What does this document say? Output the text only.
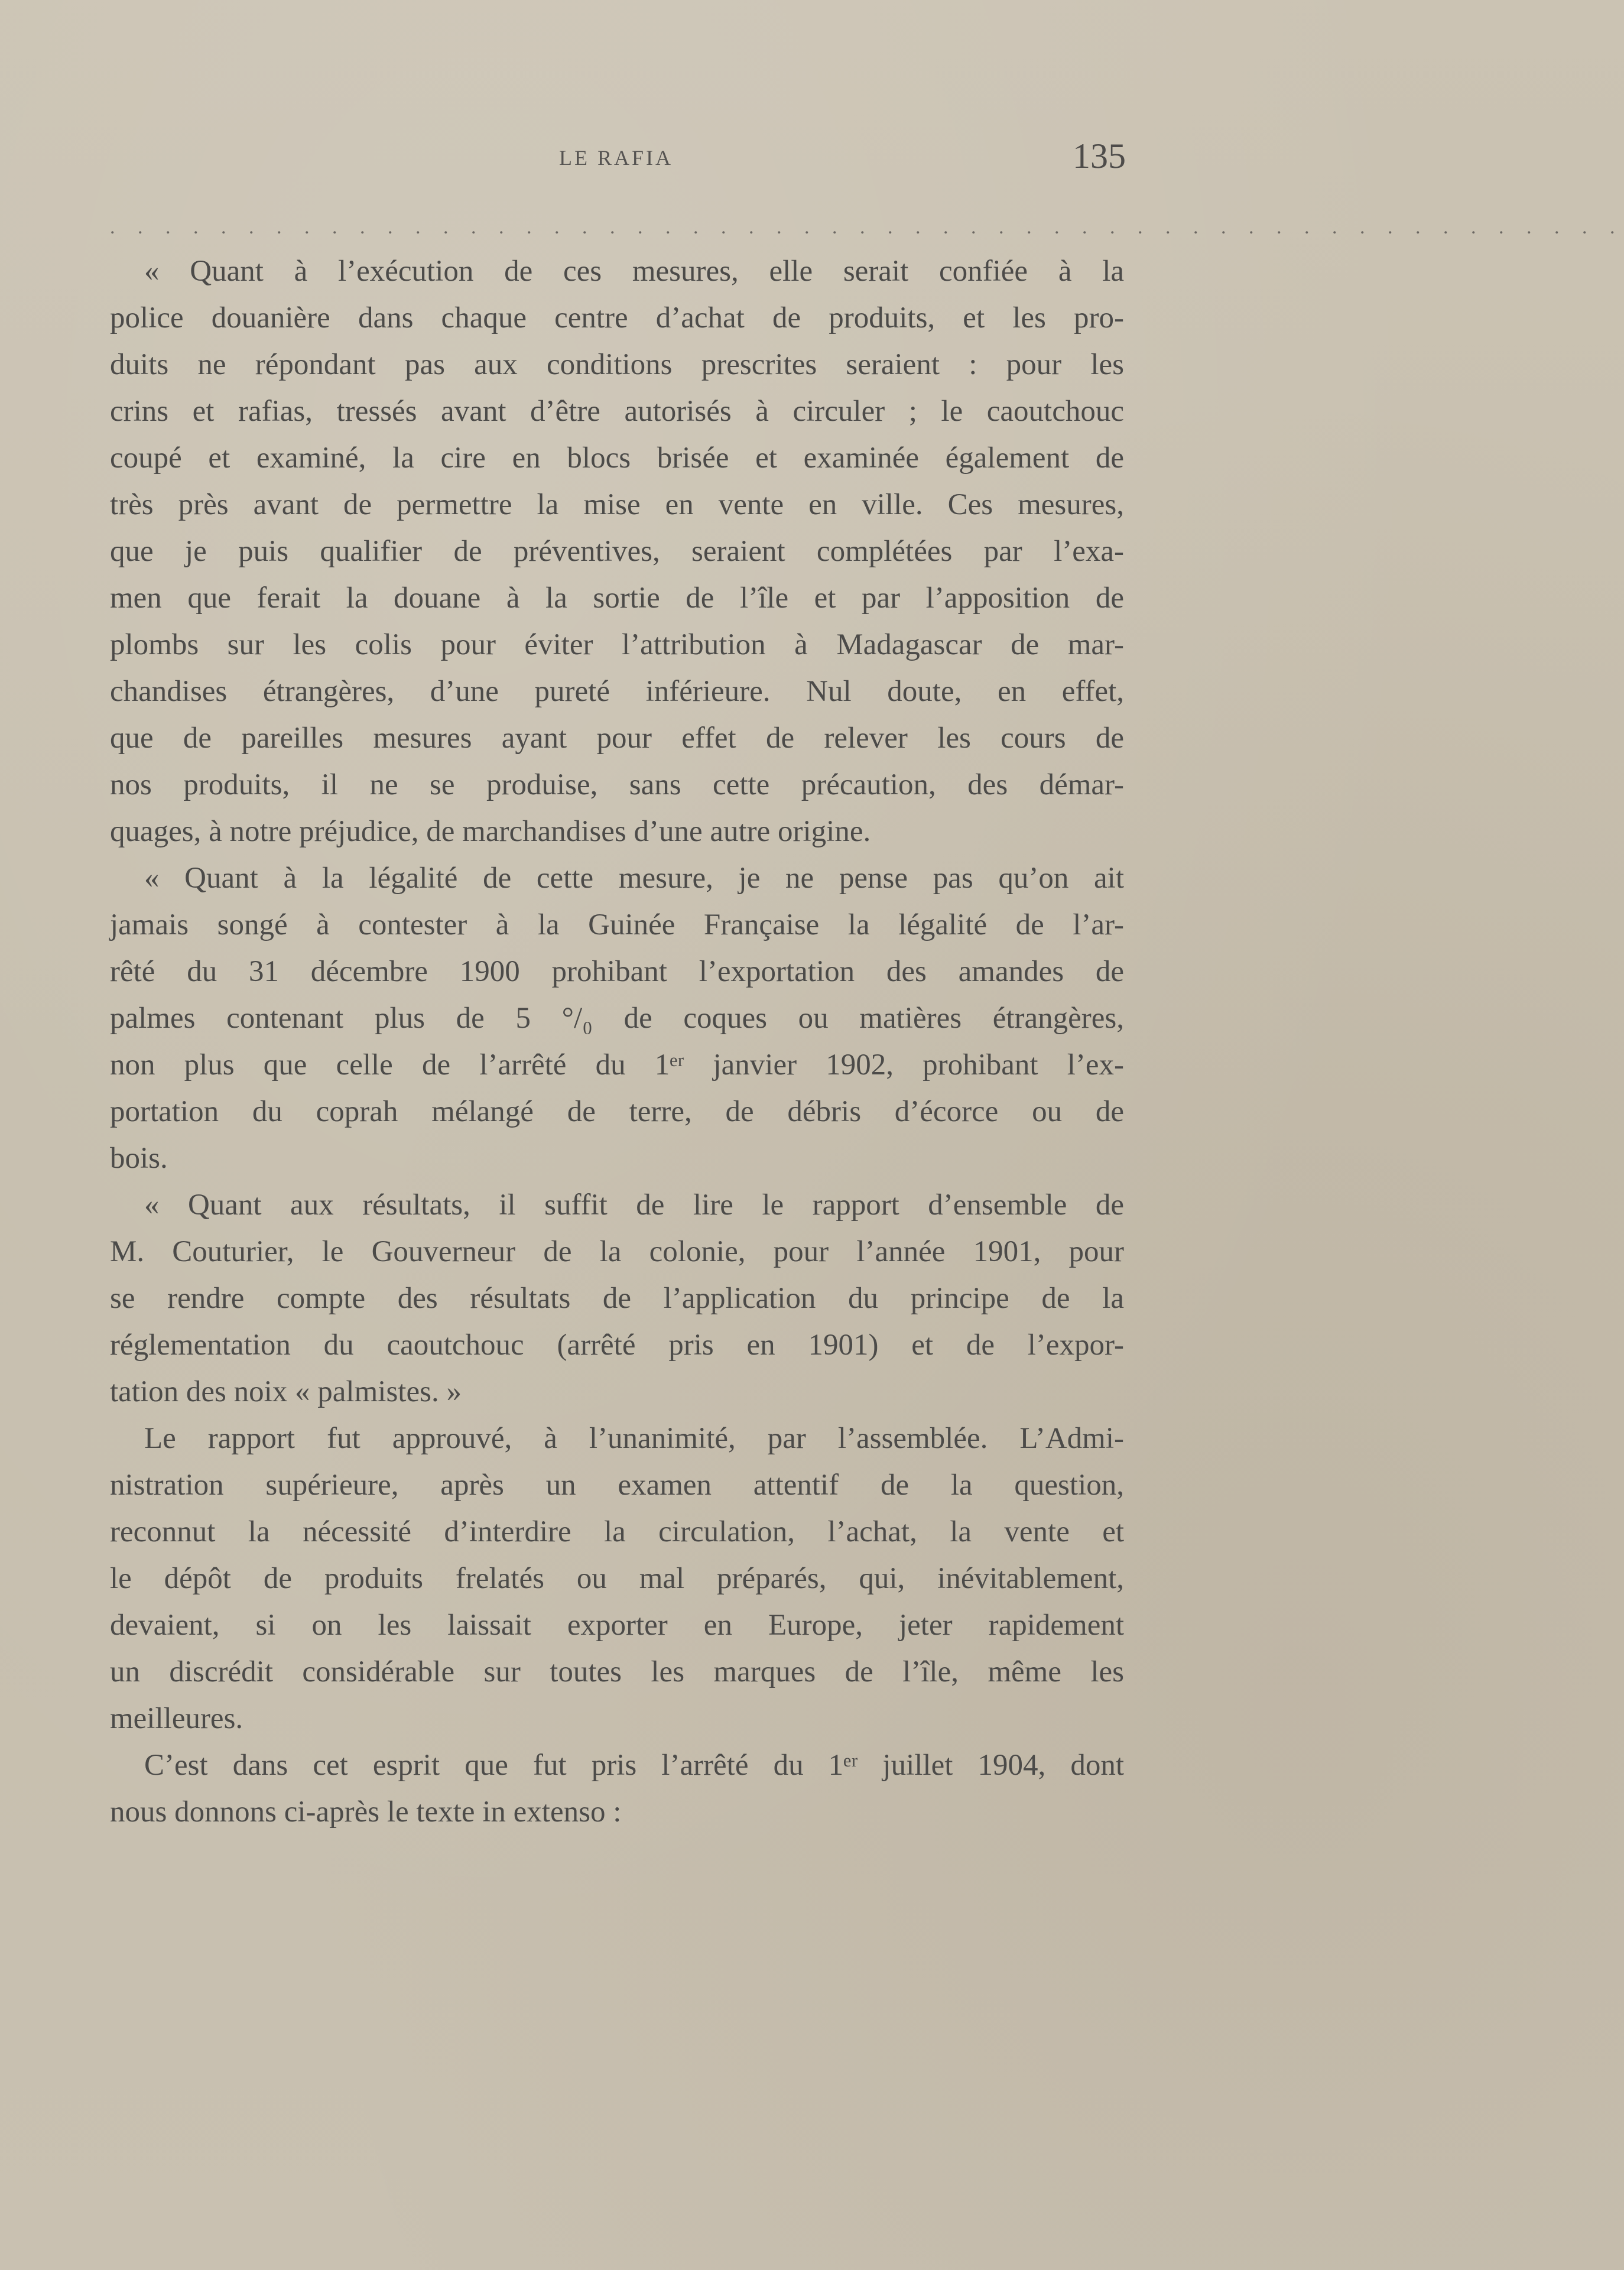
LE RAFIA	135
. . . . . . . . . . . . . . . . . . . . . . . . . . . . . . . . . . . . . . . . . . . . . . . . . . . . . . .
« Quant à l’exécution de ces mesures, elle serait confiée à la
police douanière dans chaque centre d’achat de produits, et les pro-
duits ne répondant pas aux conditions prescrites seraient : pour les
crins et rafias, tressés avant d’être autorisés à circuler ; le caoutchouc
coupé et examiné, la cire en blocs brisée et examinée également de
très près avant de permettre la mise en vente en ville. Ces mesures,
que je puis qualifier de préventives, seraient complétées par l’exa-
men que ferait la douane à la sortie de l’île et par l’apposition de
plombs sur les colis pour éviter l’attribution à Madagascar de mar-
chandises étrangères, d’une pureté inférieure. Nul doute, en effet,
que de pareilles mesures ayant pour effet de relever les cours de
nos produits, il ne se produise, sans cette précaution, des démar-
quages, à notre préjudice, de marchandises d’une autre origine.
« Quant à la légalité de cette mesure, je ne pense pas qu’on ait
jamais songé à contester à la Guinée Française la légalité de l’ar-
rêté du 31 décembre 1900 prohibant l’exportation des amandes de
palmes contenant plus de 5 °/₀ de coques ou matières étrangères,
non plus que celle de l’arrêté du 1ᵉʳ janvier 1902, prohibant l’ex-
portation du coprah mélangé de terre, de débris d’écorce ou de
bois.
« Quant aux résultats, il suffit de lire le rapport d’ensemble de
M. Couturier, le Gouverneur de la colonie, pour l’année 1901, pour
se rendre compte des résultats de l’application du principe de la
réglementation du caoutchouc (arrêté pris en 1901) et de l’expor-
tation des noix « palmistes. »
Le rapport fut approuvé, à l’unanimité, par l’assemblée. L’Admi-
nistration supérieure, après un examen attentif de la question,
reconnut la nécessité d’interdire la circulation, l’achat, la vente et
le dépôt de produits frelatés ou mal préparés, qui, inévitablement,
devaient, si on les laissait exporter en Europe, jeter rapidement
un discrédit considérable sur toutes les marques de l’île, même les
meilleures.
C’est dans cet esprit que fut pris l’arrêté du 1ᵉʳ juillet 1904, dont
nous donnons ci-après le texte in extenso :
